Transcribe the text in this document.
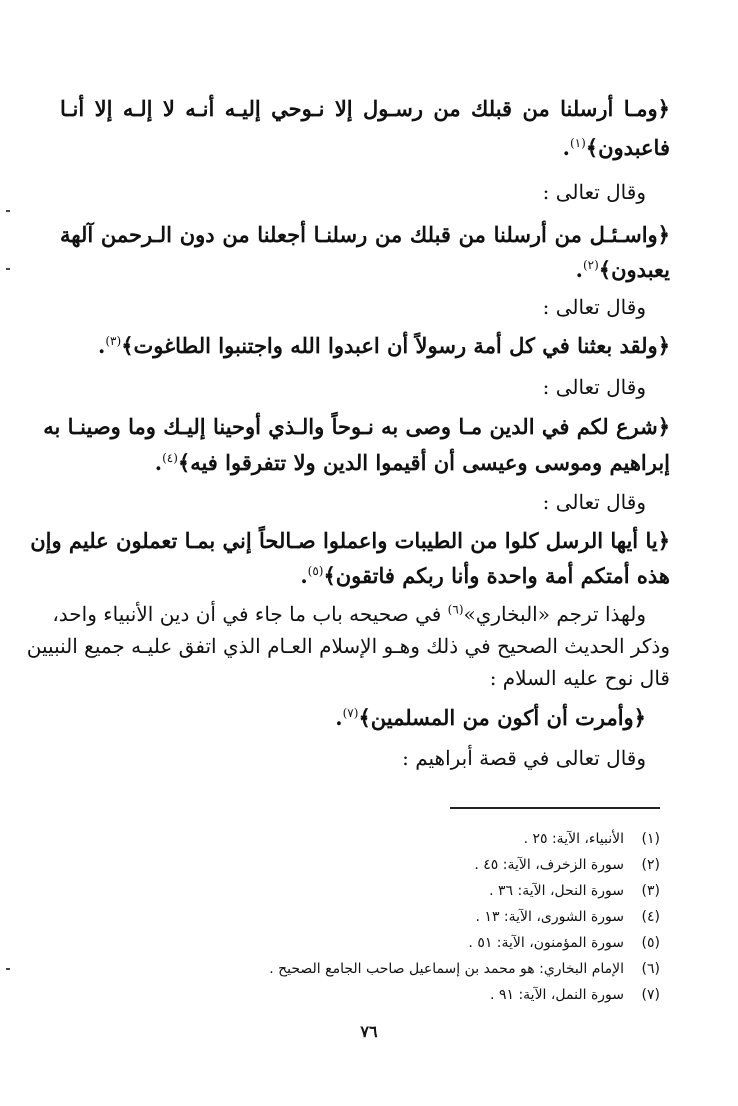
﴿ومـا أرسلنا من قبلك من رسـول إلا نـوحي إليـه أنـه لا إلـه إلا أنـا
فاعبدون﴾$^{(١)}$.
وقال تعالى :
﴿واسـئـل من أرسلنا من قبلك من رسلنـا أجعلنا من دون الـرحمن آلهة
يعبدون﴾$^{(٢)}$.
وقال تعالى :
﴿ولقد بعثنا في كل أمة رسولاً أن اعبدوا الله واجتنبوا الطاغوت﴾$^{(٣)}$.
وقال تعالى :
﴿شرع لكم في الدين مـا وصى به نـوحاً والـذي أوحينا إليـك وما وصينـا به
إبراهيم وموسى وعيسى أن أقيموا الدين ولا تتفرقوا فيه﴾$^{(٤)}$.
وقال تعالى :
﴿يا أيها الرسل كلوا من الطيبات واعملوا صـالحاً إني بمـا تعملون عليم وإن
هذه أمتكم أمة واحدة وأنا ربكم فاتقون﴾$^{(٥)}$.
ولهذا ترجم «البخاري»$^{(٦)}$ في صحيحه باب ما جاء في أن دين الأنبياء واحد،
وذكر الحديث الصحيح في ذلك وهـو الإسلام العـام الذي اتفق عليـه جميع النبيين
قال نوح عليه السلام :
﴿وأمرت أن أكون من المسلمين﴾$^{(٧)}$.
وقال تعالى في قصة أبراهيم :
(١)الأنبياء، الآية: ٢٥ .
(٢)سورة الزخرف، الآية: ٤٥ .
(٣)سورة النحل، الآية: ٣٦ .
(٤)سورة الشورى، الآية: ١٣ .
(٥)سورة المؤمنون، الآية: ٥١ .
(٦)الإمام البخاري: هو محمد بن إسماعيل صاحب الجامع الصحيح .
(٧)سورة النمل، الآية: ٩١ .
٧٦
